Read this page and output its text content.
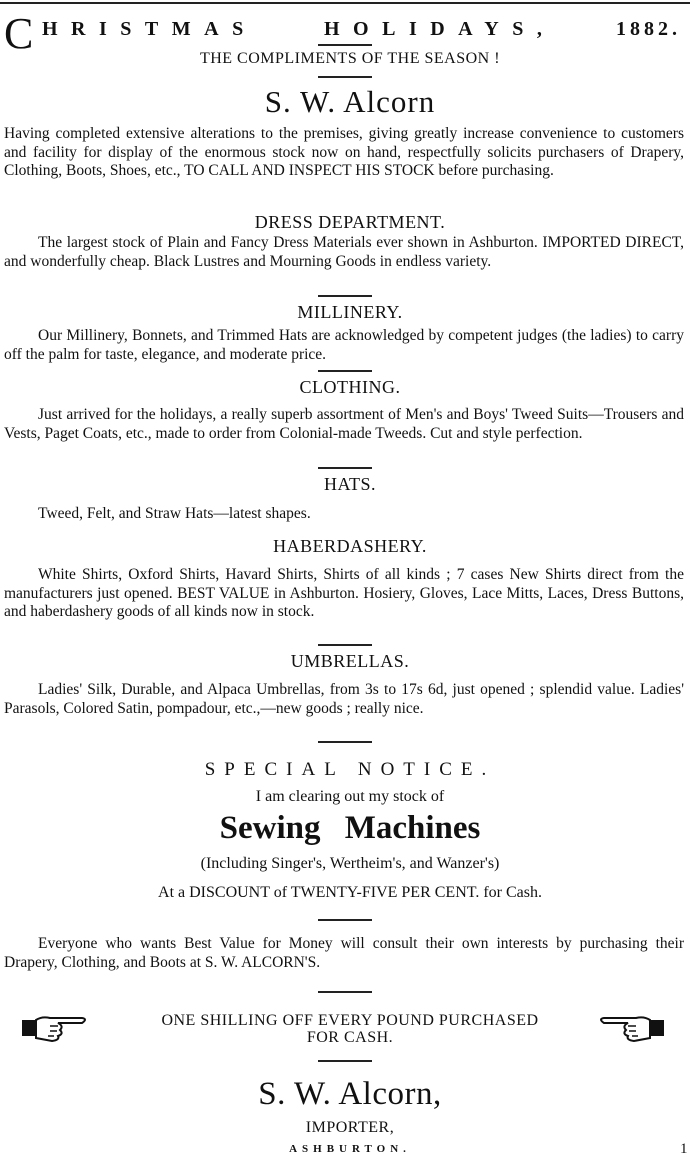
C HRISTMAS	HOLIDAYS,	1882.
THE COMPLIMENTS OF THE SEASON !
S. W. Alcorn
Having completed extensive alterations to the premises, giving greatly increase convenience to customers and facility for display of the enormous stock now on hand, respectfully solicits purchasers of Drapery, Clothing, Boots, Shoes, etc., TO CALL AND INSPECT HIS STOCK before purchasing.
DRESS DEPARTMENT.
The largest stock of Plain and Fancy Dress Materials ever shown in Ashburton. IMPORTED DIRECT, and wonderfully cheap. Black Lustres and Mourning Goods in endless variety.
MILLINERY.
Our Millinery, Bonnets, and Trimmed Hats are acknowledged by competent judges (the ladies) to carry off the palm for taste, elegance, and moderate price.
CLOTHING.
Just arrived for the holidays, a really superb assortment of Men's and Boys' Tweed Suits—Trousers and Vests, Paget Coats, etc., made to order from Colonial-made Tweeds. Cut and style perfection.
HATS.
Tweed, Felt, and Straw Hats—latest shapes.
HABERDASHERY.
White Shirts, Oxford Shirts, Havard Shirts, Shirts of all kinds ; 7 cases New Shirts direct from the manufacturers just opened. BEST VALUE in Ashburton. Hosiery, Gloves, Lace Mitts, Laces, Dress Buttons, and haberdashery goods of all kinds now in stock.
UMBRELLAS.
Ladies' Silk, Durable, and Alpaca Umbrellas, from 3s to 17s 6d, just opened ; splendid value. Ladies' Parasols, Colored Satin, pompadour, etc.,—new goods ; really nice.
SPECIAL NOTICE.
I am clearing out my stock of
Sewing Machines
(Including Singer's, Wertheim's, and Wanzer's)
At a DISCOUNT of TWENTY-FIVE PER CENT. for Cash.
Everyone who wants Best Value for Money will consult their own interests by purchasing their Drapery, Clothing, and Boots at S. W. ALCORN'S.
ONE SHILLING OFF EVERY POUND PURCHASED
FOR CASH.
S. W. Alcorn,
IMPORTER,
ASHBURTON.	1
